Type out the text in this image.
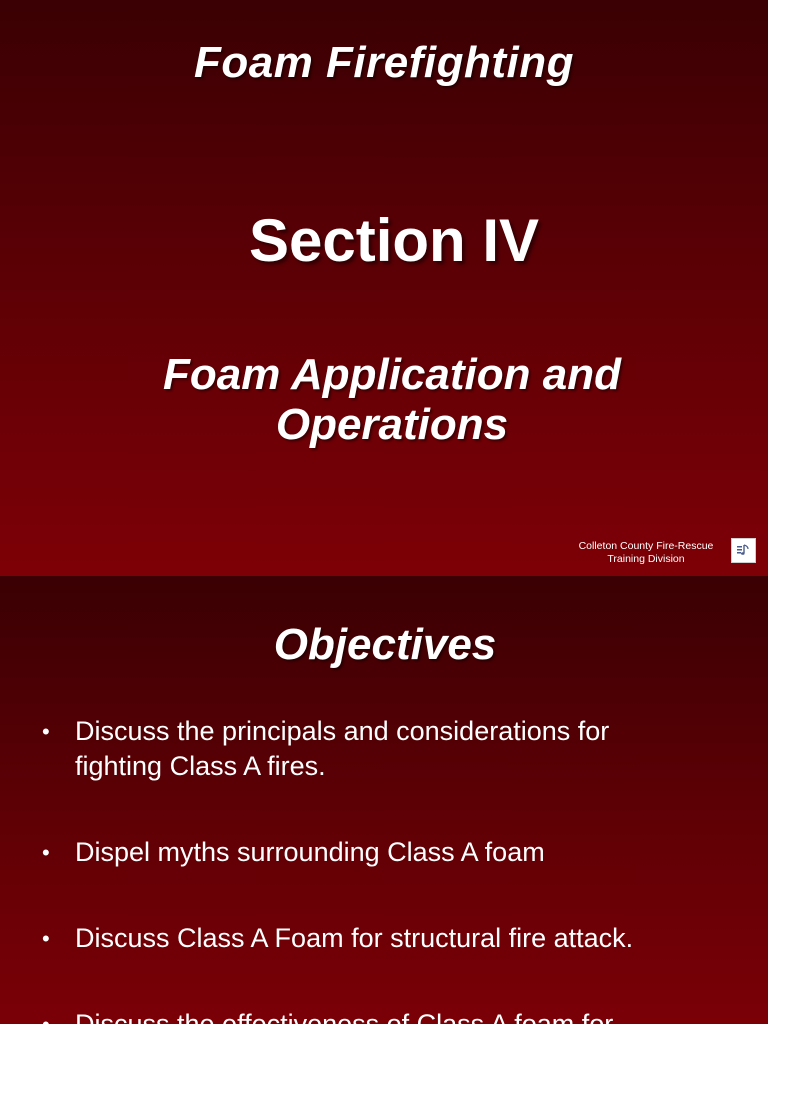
Foam Firefighting
Section IV
Foam Application and
Operations
Colleton County Fire-Rescue
Training Division
Objectives
• Discuss the principals and considerations for
fighting Class A fires.
• Dispel myths surrounding Class A foam
• Discuss Class A Foam for structural fire attack.
• Discuss the effectiveness of Class A foam for
